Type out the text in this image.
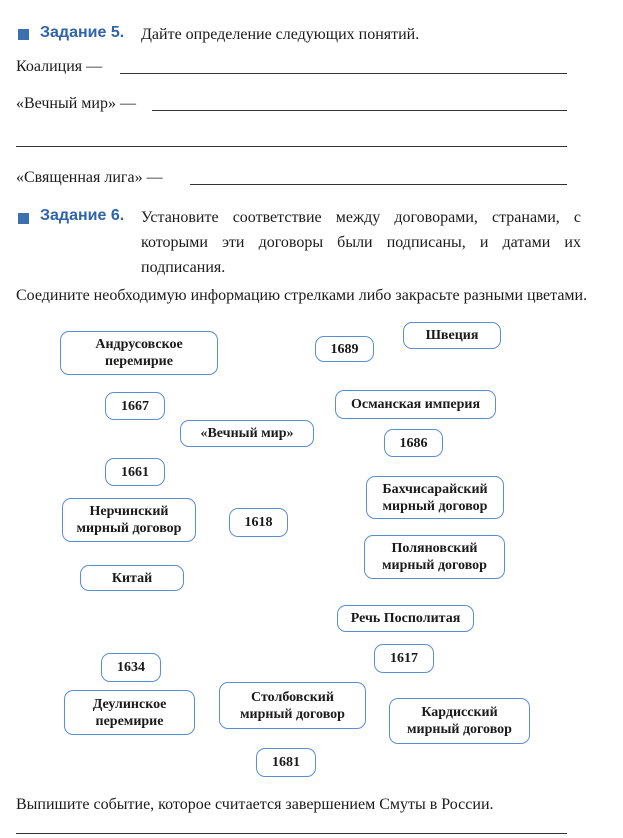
Задание 5. Дайте определение следующих понятий.
Коалиция —
«Вечный мир» —
«Священная лига» —
Задание 6. Установите соответствие между договорами, странами, с которыми эти договоры были подписаны, и датами их подписания.
Соедините необходимую информацию стрелками либо закрасьте разными цветами.
Андрусовское
перемирие
1689
Швеция
1667	Османская империя
«Вечный мир»
1686
1661
Бахчисарайский
мирный договор
Нерчинский
мирный договор	1618
Поляновский
мирный договор
Китай
Речь Посполитая
1617
1634
Деулинское
перемирие
Столбовский
мирный договор	Кардисский
мирный договор
1681
Выпишите событие, которое считается завершением Смуты в России.
